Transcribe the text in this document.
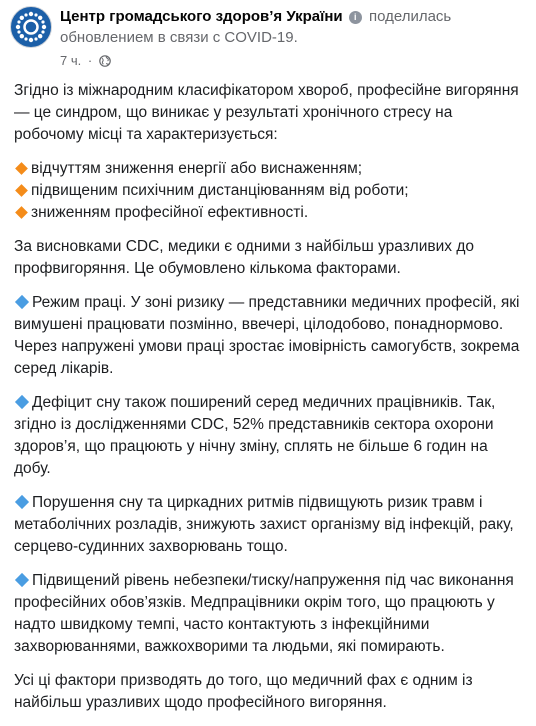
Центр громадського здоров’я України i поделилась обновлением в связи с COVID-19.
7 ч. ·

Згідно із міжнародним класифікатором хвороб, професійне вигоряння — це синдром, що виникає у результаті хронічного стресу на робочому місці та характеризується:

відчуттям зниження енергії або виснаженням;
підвищеним психічним дистанціюванням від роботи;
зниженням професійної ефективності.

За висновками CDC, медики є одними з найбільш уразливих до профвигоряння. Це обумовлено кількома факторами.

Режим праці. У зоні ризику — представники медичних професій, які вимушені працювати позмінно, ввечері, цілодобово, понаднормово. Через напружені умови праці зростає імовірність самогубств, зокрема серед лікарів.

Дефіцит сну також поширений серед медичних працівників. Так, згідно із дослідженнями CDC, 52% представників сектора охорони здоров’я, що працюють у нічну зміну, сплять не більше 6 годин на добу.

Порушення сну та циркадних ритмів підвищують ризик травм і метаболічних розладів, знижують захист організму від інфекцій, раку, серцево-судинних захворювань тощо.

Підвищений рівень небезпеки/тиску/напруження під час виконання професійних обов’язків. Медпрацівники окрім того, що працюють у надто швидкому темпі, часто контактують з інфекційними захворюваннями, важкохворими та людьми, які помирають.

Усі ці фактори призводять до того, що медичний фах є одним із найбільш уразливих щодо професійного вигоряння.
